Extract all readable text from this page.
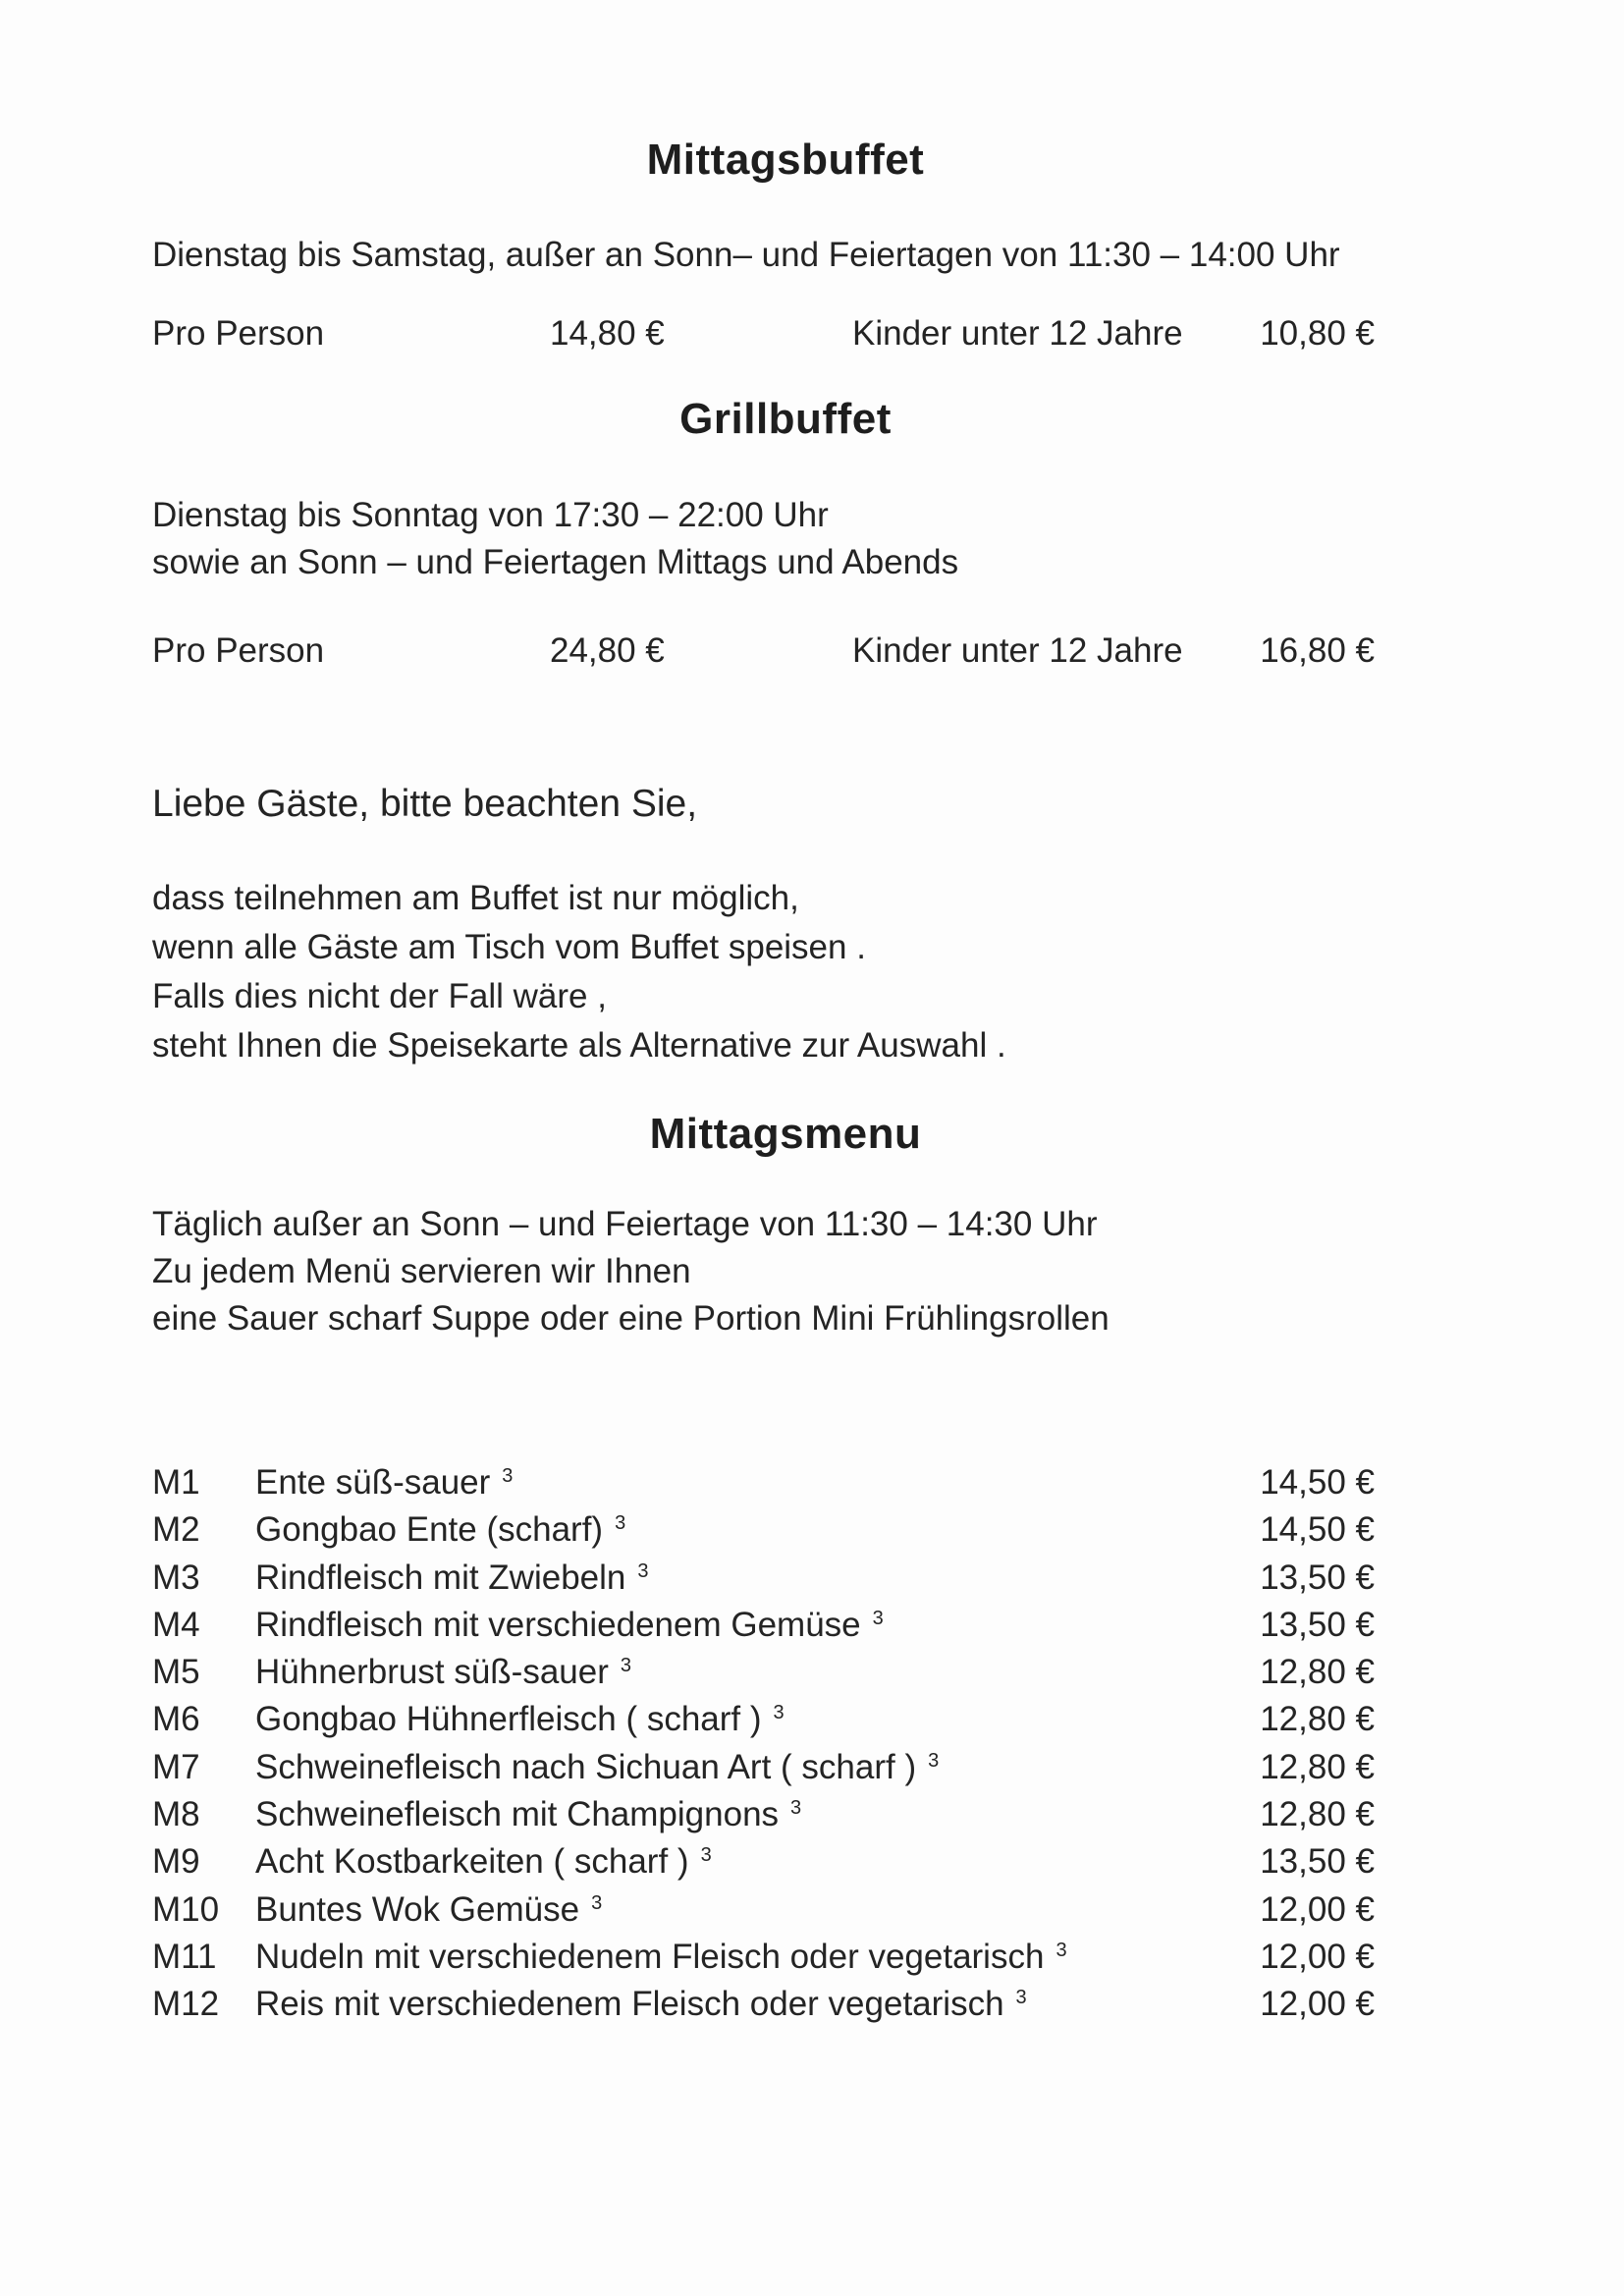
Mittagsbuffet
Dienstag bis Samstag, außer an Sonn– und Feiertagen von 11:30 – 14:00 Uhr
Pro Person	14,80 €	Kinder unter 12 Jahre 10,80 €
Grillbuffet
Dienstag bis Sonntag von 17:30 – 22:00 Uhr
sowie an Sonn – und Feiertagen Mittags und Abends
Pro Person	24,80 €	Kinder unter 12 Jahre 16,80 €
Liebe Gäste, bitte beachten Sie,
dass teilnehmen am Buffet ist nur möglich,
wenn alle Gäste am Tisch vom Buffet speisen .
Falls dies nicht der Fall wäre ,
steht Ihnen die Speisekarte als Alternative zur Auswahl .
Mittagsmenu
Täglich außer an Sonn – und Feiertage von 11:30 – 14:30 Uhr
Zu jedem Menü servieren wir Ihnen
eine Sauer scharf Suppe oder eine Portion Mini Frühlingsrollen
M1 Ente süß-sauer $^3$	14,50 €
M2 Gongbao Ente (scharf) $^3$	14,50 €
M3 Rindfleisch mit Zwiebeln $^3$	13,50 €
M4 Rindfleisch mit verschiedenem Gemüse $^3$	13,50 €
M5 Hühnerbrust süß-sauer $^3$	12,80 €
M6 Gongbao Hühnerfleisch ( scharf ) $^3$	12,80 €
M7 Schweinefleisch nach Sichuan Art ( scharf ) $^3$	12,80 €
M8 Schweinefleisch mit Champignons $^3$	12,80 €
M9 Acht Kostbarkeiten ( scharf ) $^3$	13,50 €
M10 Buntes Wok Gemüse $^3$	12,00 €
M11 Nudeln mit verschiedenem Fleisch oder vegetarisch $^3$	12,00 €
M12 Reis mit verschiedenem Fleisch oder vegetarisch $^3$	12,00 €
